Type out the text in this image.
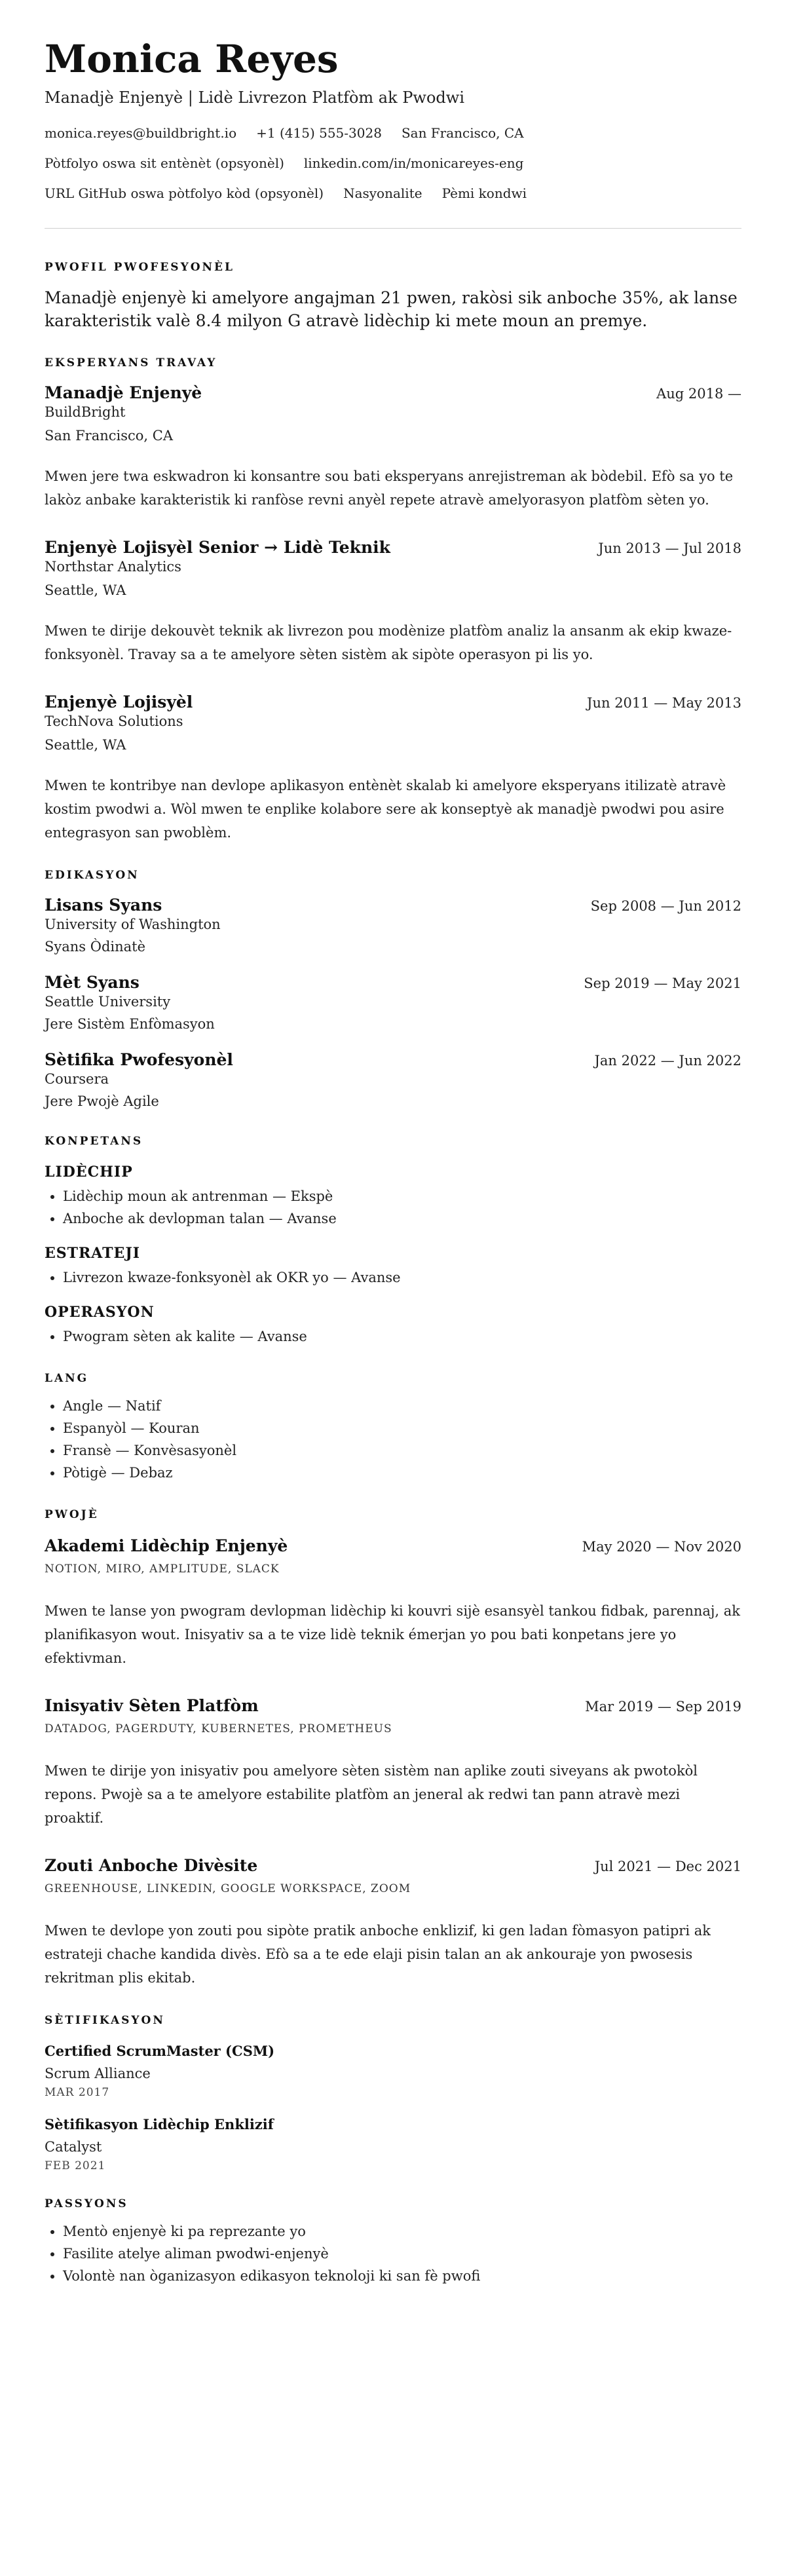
Monica Reyes
Manadjè Enjenyè | Lidè Livrezon Platfòm ak Pwodwi
monica.reyes@buildbright.io +1 (415) 555-3028 San Francisco, CA
Pòtfolyo oswa sit entènèt (opsyonèl) linkedin.com/in/monicareyes-eng
URL GitHub oswa pòtfolyo kòd (opsyonèl) Nasyonalite Pèmi kondwi
PWOFIL PWOFESYONÈL
Manadjè enjenyè ki amelyore angajman 21 pwen, rakòsi sik anboche 35%, ak lanse karakteristik valè 8.4 milyon G atravè lidèchip ki mete moun an premye.
EKSPERYANS TRAVAY
Manadjè Enjenyè	Aug 2018 —
BuildBright
San Francisco, CA
Mwen jere twa eskwadron ki konsantre sou bati eksperyans anrejistreman ak bòdebil. Efò sa yo te lakòz anbake karakteristik ki ranfòse revni anyèl repete atravè amelyorasyon platfòm sèten yo.
Enjenyè Lojisyèl Senior → Lidè Teknik	Jun 2013 — Jul 2018
Northstar Analytics
Seattle, WA
Mwen te dirije dekouvèt teknik ak livrezon pou modènize platfòm analiz la ansanm ak ekip kwaze-fonksyonèl. Travay sa a te amelyore sèten sistèm ak sipòte operasyon pi lis yo.
Enjenyè Lojisyèl	Jun 2011 — May 2013
TechNova Solutions
Seattle, WA
Mwen te kontribye nan devlope aplikasyon entènèt skalab ki amelyore eksperyans itilizatè atravè kostim pwodwi a. Wòl mwen te enplike kolabore sere ak konseptyè ak manadjè pwodwi pou asire entegrasyon san pwoblèm.
EDIKASYON
Lisans Syans	Sep 2008 — Jun 2012
University of Washington
Syans Òdinatè
Mèt Syans	Sep 2019 — May 2021
Seattle University
Jere Sistèm Enfòmasyon
Sètifika Pwofesyonèl	Jan 2022 — Jun 2022
Coursera
Jere Pwojè Agile
KONPETANS
LIDÈCHIP
• Lidèchip moun ak antrenman — Ekspè
• Anboche ak devlopman talan — Avanse
ESTRATEJI
• Livrezon kwaze-fonksyonèl ak OKR yo — Avanse
OPERASYON
• Pwogram sèten ak kalite — Avanse
LANG
• Angle — Natif
• Espanyòl — Kouran
• Fransè — Konvèsasyonèl
• Pòtigè — Debaz
PWOJÈ
Akademi Lidèchip Enjenyè	May 2020 — Nov 2020
NOTION, MIRO, AMPLITUDE, SLACK
Mwen te lanse yon pwogram devlopman lidèchip ki kouvri sijè esansyèl tankou fidbak, parennaj, ak planifikasyon wout. Inisyativ sa a te vize lidè teknik émerjan yo pou bati konpetans jere yo efektivman.
Inisyativ Sèten Platfòm	Mar 2019 — Sep 2019
DATADOG, PAGERDUTY, KUBERNETES, PROMETHEUS
Mwen te dirije yon inisyativ pou amelyore sèten sistèm nan aplike zouti siveyans ak pwotokòl repons. Pwojè sa a te amelyore estabilite platfòm an jeneral ak redwi tan pann atravè mezi proaktif.
Zouti Anboche Divèsite	Jul 2021 — Dec 2021
GREENHOUSE, LINKEDIN, GOOGLE WORKSPACE, ZOOM
Mwen te devlope yon zouti pou sipòte pratik anboche enklizif, ki gen ladan fòmasyon patipri ak estrateji chache kandida divès. Efò sa a te ede elaji pisin talan an ak ankouraje yon pwosesis rekritman plis ekitab.
SÈTIFIKASYON
Certified ScrumMaster (CSM)
Scrum Alliance
MAR 2017
Sètifikasyon Lidèchip Enklizif
Catalyst
FEB 2021
PASSYONS
• Mentò enjenyè ki pa reprezante yo
• Fasilite atelye aliman pwodwi-enjenyè
• Volontè nan òganizasyon edikasyon teknoloji ki san fè pwofi
